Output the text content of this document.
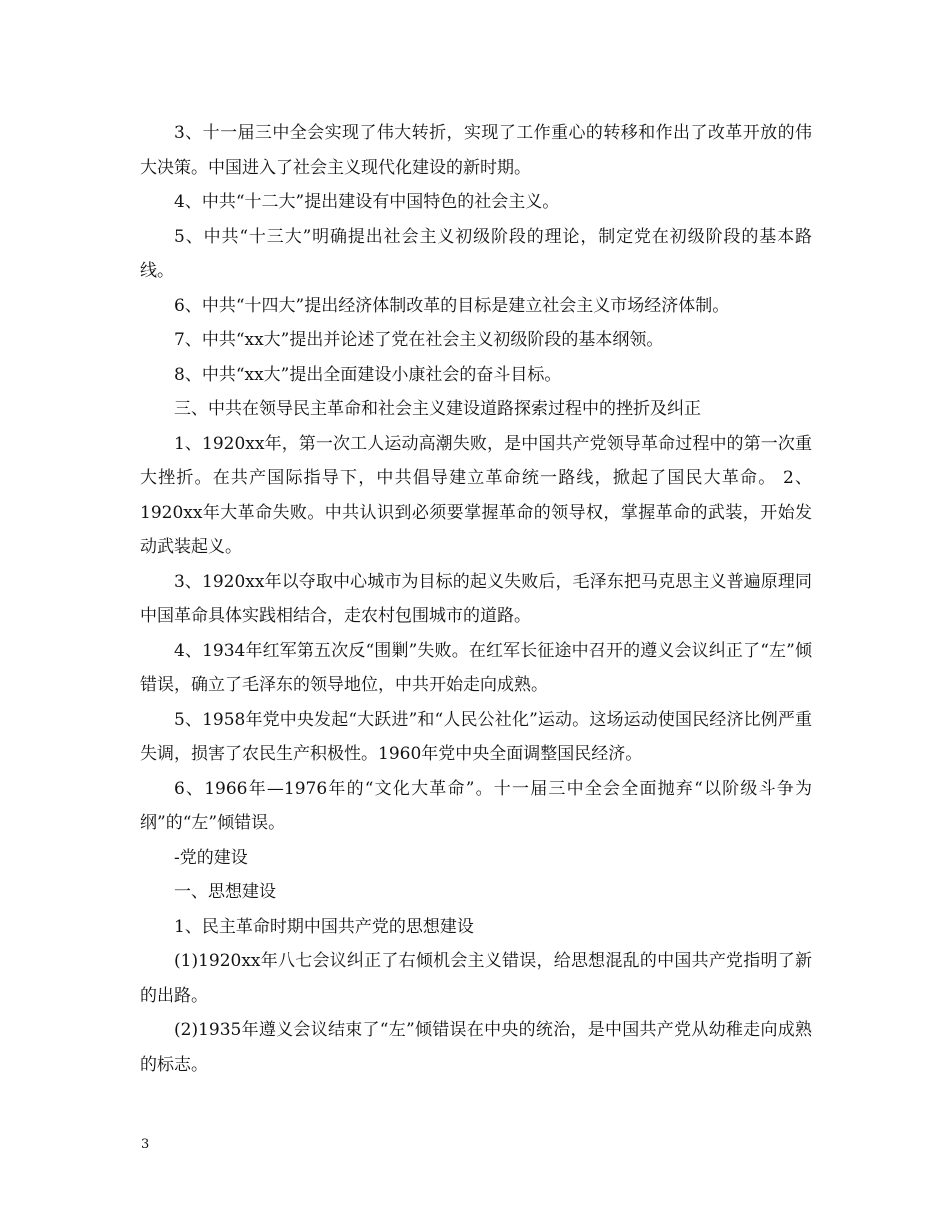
3、十一届三中全会实现了伟大转折，实现了工作重心的转移和作出了改革开放的伟大决策。中国进入了社会主义现代化建设的新时期。

4、中共“十二大”提出建设有中国特色的社会主义。

5、中共“十三大”明确提出社会主义初级阶段的理论，制定党在初级阶段的基本路线。

6、中共“十四大”提出经济体制改革的目标是建立社会主义市场经济体制。

7、中共“xx大”提出并论述了党在社会主义初级阶段的基本纲领。

8、中共“xx大”提出全面建设小康社会的奋斗目标。

三、中共在领导民主革命和社会主义建设道路探索过程中的挫折及纠正

1、1920xx年，第一次工人运动高潮失败，是中国共产党领导革命过程中的第一次重大挫折。在共产国际指导下，中共倡导建立革命统一路线，掀起了国民大革命。 2、1920xx年大革命失败。中共认识到必须要掌握革命的领导权，掌握革命的武装，开始发动武装起义。

3、1920xx年以夺取中心城市为目标的起义失败后，毛泽东把马克思主义普遍原理同中国革命具体实践相结合，走农村包围城市的道路。

4、1934年红军第五次反“围剿”失败。在红军长征途中召开的遵义会议纠正了“左”倾错误，确立了毛泽东的领导地位，中共开始走向成熟。

5、1958年党中央发起“大跃进”和“人民公社化”运动。这场运动使国民经济比例严重失调，损害了农民生产积极性。1960年党中央全面调整国民经济。

6、1966年—1976年的“文化大革命”。十一届三中全会全面抛弃“以阶级斗争为纲”的“左”倾错误。

-党的建设

一、思想建设

1、民主革命时期中国共产党的思想建设

(1)1920xx年八七会议纠正了右倾机会主义错误，给思想混乱的中国共产党指明了新的出路。

(2)1935年遵义会议结束了“左”倾错误在中央的统治，是中国共产党从幼稚走向成熟的标志。

3
